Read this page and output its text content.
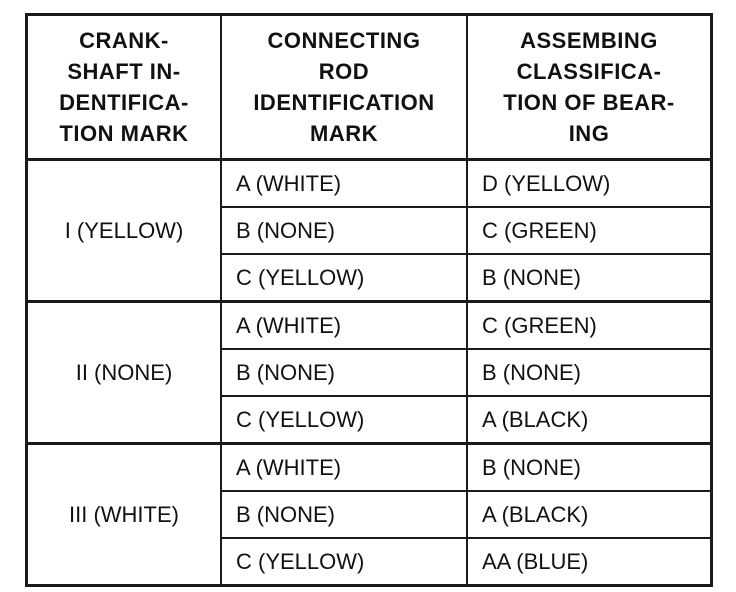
CRANK-
SHAFT IN-
DENTIFICA-
TION MARK	CONNECTING
ROD
IDENTIFICATION
MARK	ASSEMBING
CLASSIFICA-
TION OF BEAR-
ING

I (YELLOW)	A (WHITE)	D (YELLOW)
	B (NONE)	C (GREEN)
	C (YELLOW)	B (NONE)
II (NONE)	A (WHITE)	C (GREEN)
	B (NONE)	B (NONE)
	C (YELLOW)	A (BLACK)
III (WHITE)	A (WHITE)	B (NONE)
	B (NONE)	A (BLACK)
	C (YELLOW)	AA (BLUE)
